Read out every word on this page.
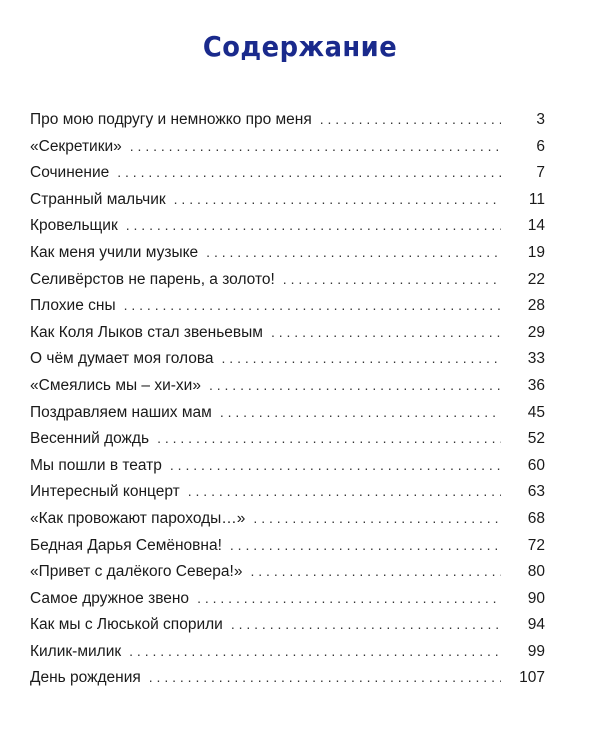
Содержание
Про мою подругу и немножко про меня . . .	3
«Секретики» . . .	6
Сочинение . . .	7
Странный мальчик . . .	11
Кровельщик . . .	14
Как меня учили музыке . . .	19
Селивёрстов не парень, а золото! . . .	22
Плохие сны . . .	28
Как Коля Лыков стал звеньевым . . .	29
О чём думает моя голова . . .	33
«Смеялись мы – хи-хи» . . .	36
Поздравляем наших мам . . .	45
Весенний дождь . . .	52
Мы пошли в театр . . .	60
Интересный концерт . . .	63
«Как провожают пароходы…» . . .	68
Бедная Дарья Семёновна! . . .	72
«Привет с далёкого Севера!» . . .	80
Самое дружное звено . . .	90
Как мы с Люськой спорили . . .	94
Килик-милик . . .	99
День рождения . . .	107
